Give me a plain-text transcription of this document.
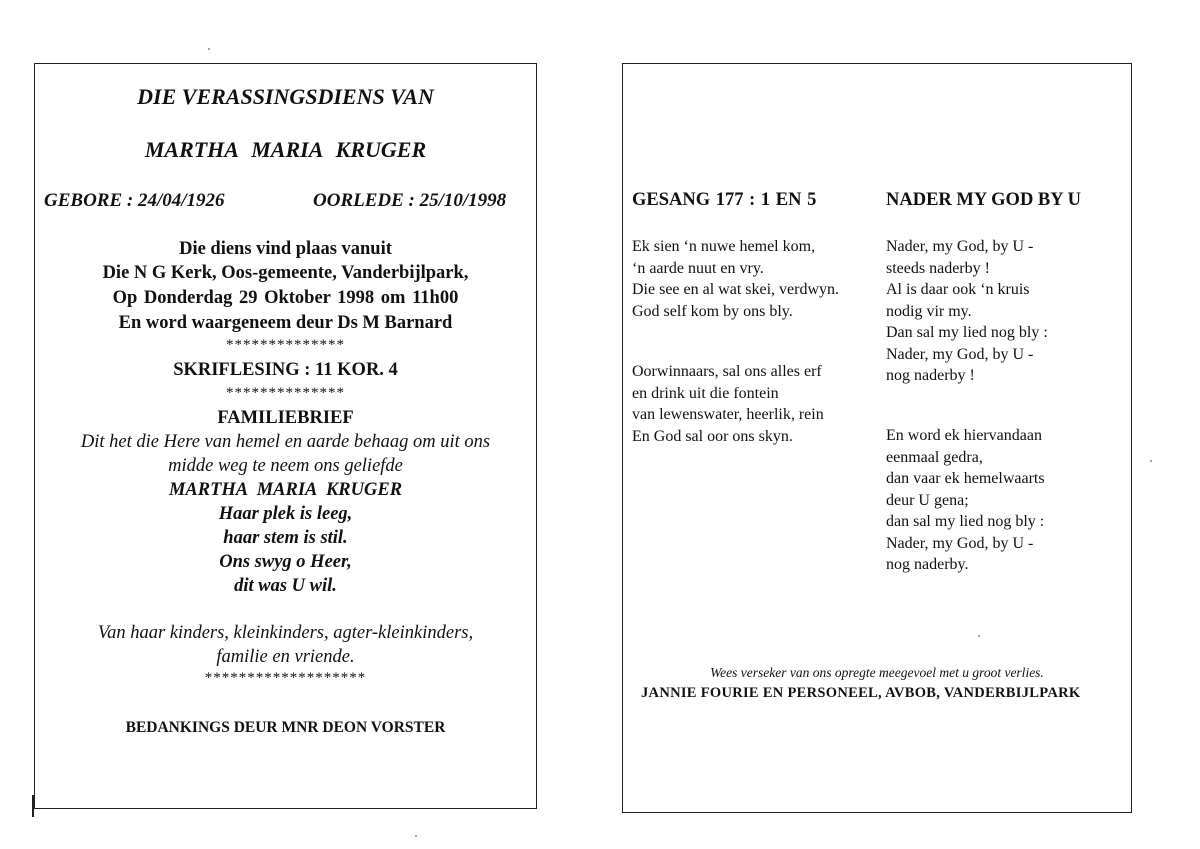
DIE VERASSINGSDIENS VAN
MARTHA MARIA KRUGER
GEBORE : 24/04/1926	OORLEDE : 25/10/1998
Die diens vind plaas vanuit
Die N G Kerk, Oos-gemeente, Vanderbijlpark,
Op Donderdag 29 Oktober 1998 om 11h00
En word waargeneem deur Ds M Barnard
**************
SKRIFLESING : 11 KOR. 4
**************
FAMILIEBRIEF
Dit het die Here van hemel en aarde behaag om uit ons
midde weg te neem ons geliefde
MARTHA MARIA KRUGER
Haar plek is leeg,
haar stem is stil.
Ons swyg o Heer,
dit was U wil.
Van haar kinders, kleinkinders, agter-kleinkinders,
familie en vriende.
*******************
BEDANKINGS DEUR MNR DEON VORSTER
GESANG 177 : 1 EN 5	NADER MY GOD BY U
Ek sien ‘n nuwe hemel kom,
‘n aarde nuut en vry.
Die see en al wat skei, verdwyn.
God self kom by ons bly.
Oorwinnaars, sal ons alles erf
en drink uit die fontein
van lewenswater, heerlik, rein
En God sal oor ons skyn.
Nader, my God, by U -
steeds naderby !
Al is daar ook ‘n kruis
nodig vir my.
Dan sal my lied nog bly :
Nader, my God, by U -
nog naderby !
En word ek hiervandaan
eenmaal gedra,
dan vaar ek hemelwaarts
deur U gena;
dan sal my lied nog bly :
Nader, my God, by U -
nog naderby.
Wees verseker van ons opregte meegevoel met u groot verlies.
JANNIE FOURIE EN PERSONEEL, AVBOB, VANDERBIJLPARK
